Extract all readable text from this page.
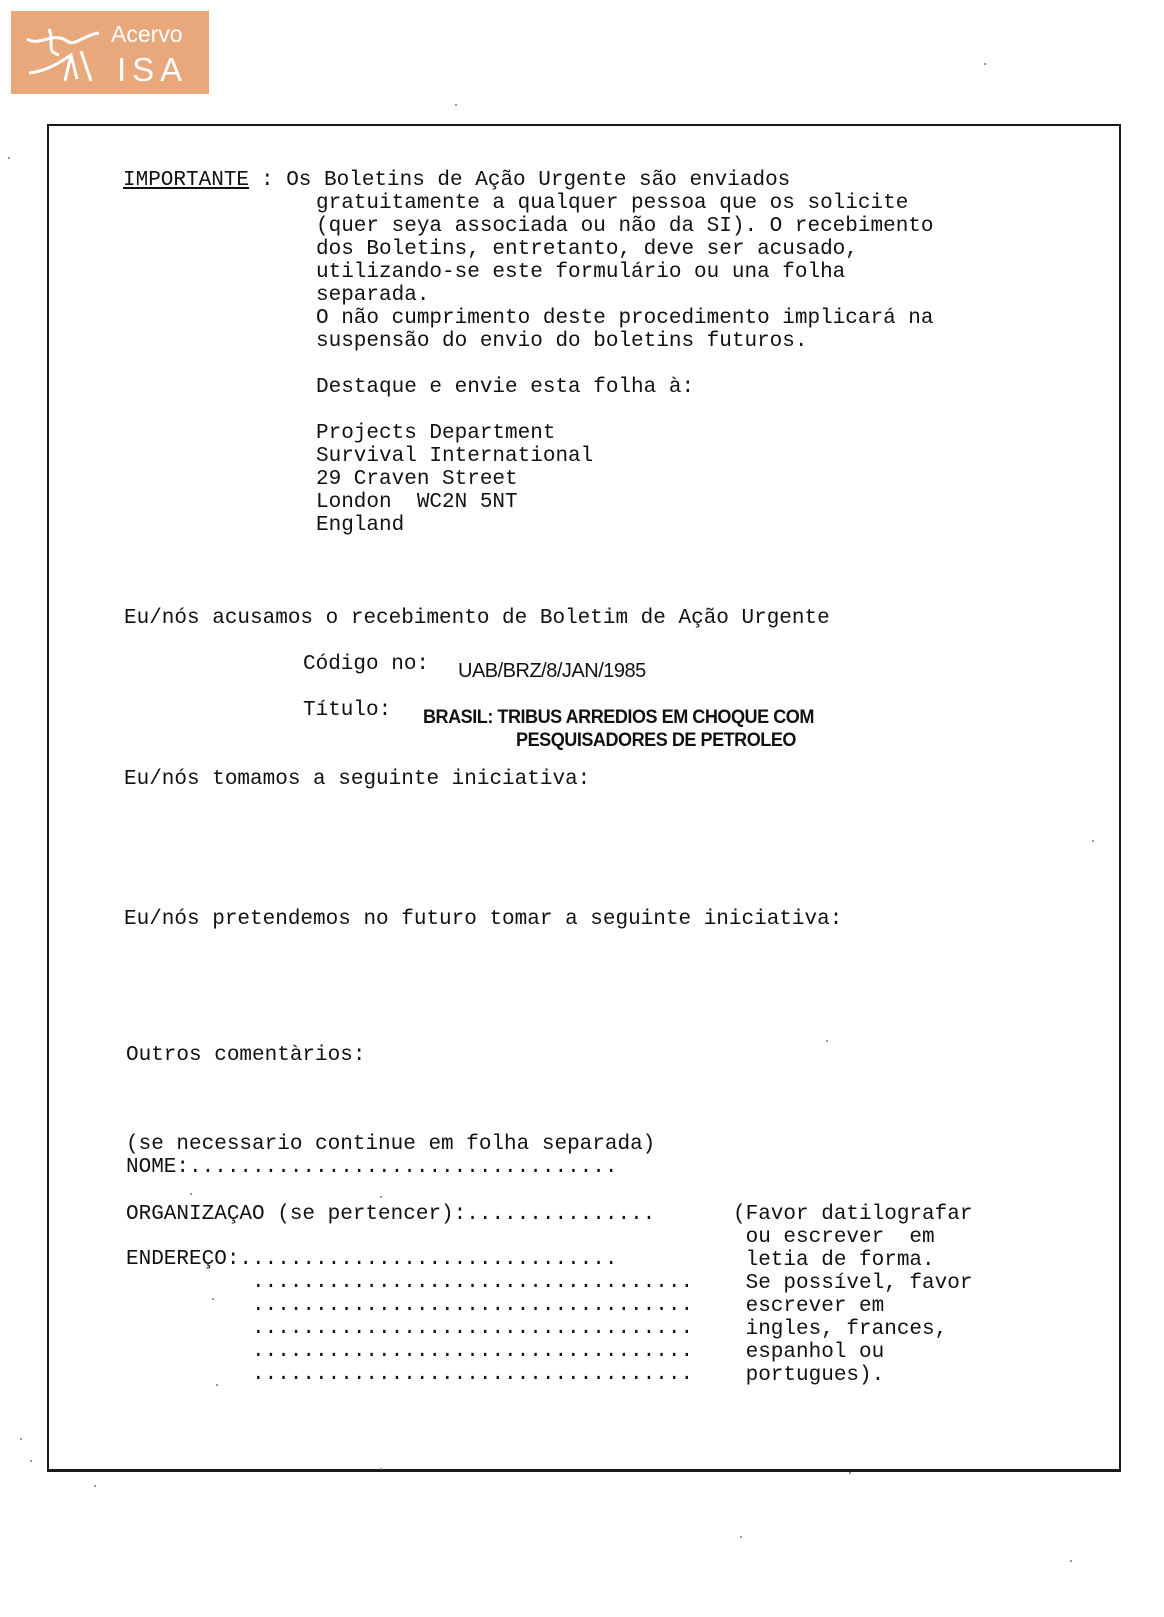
Acervo
ISA
IMPORTANTE : Os Boletins de Ação Urgente são enviados
gratuitamente a qualquer pessoa que os solicite
(quer seya associada ou não da SI). O recebimento
dos Boletins, entretanto, deve ser acusado,
utilizando-se este formulário ou una folha
separada.
O não cumprimento deste procedimento implicará na
suspensão do envio do boletins futuros.
Destaque e envie esta folha à:
Projects Department
Survival International
29 Craven Street
London  WC2N 5NT
England
Eu/nós acusamos o recebimento de Boletim de Ação Urgente
Código no: UAB/BRZ/8/JAN/1985
Título: BRASIL: TRIBUS ARREDIOS EM CHOQUE COM
PESQUISADORES DE PETROLEO
Eu/nós tomamos a seguinte iniciativa:
Eu/nós pretendemos no futuro tomar a seguinte iniciativa:
Outros comentàrios:
(se necessario continue em folha separada)
NOME:..................................
ORGANIZAÇAO (se pertencer):...............
ENDEREÇO:..............................
...................................
...................................
...................................
...................................
...................................
(Favor datilografar
ou escrever  em
letia de forma.
Se possível, favor
escrever em
ingles, frances,
espanhol ou
portugues).
